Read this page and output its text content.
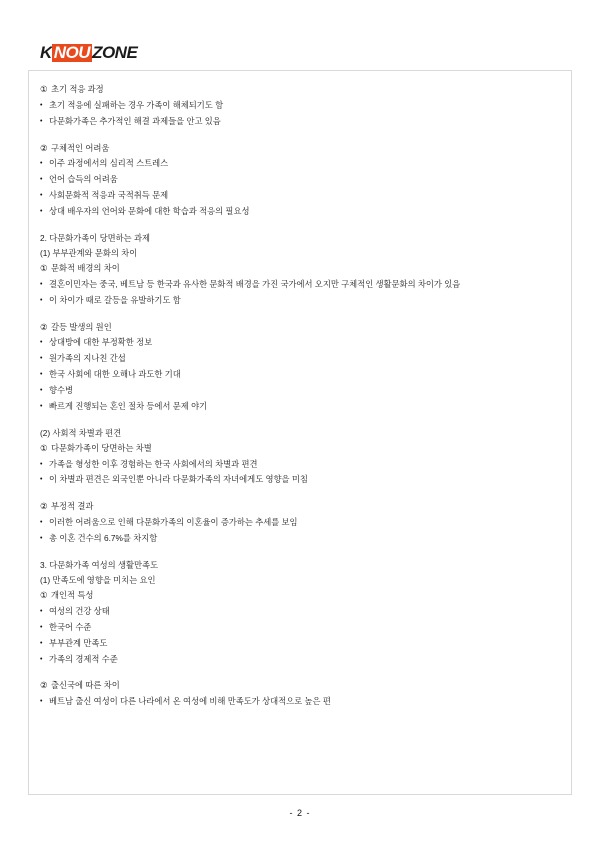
K NOU ZONE
① 초기 적응 과정
• 초기 적응에 실패하는 경우 가족이 해체되기도 함
• 다문화가족은 추가적인 해결 과제들을 안고 있음
② 구체적인 어려움
• 이주 과정에서의 심리적 스트레스
• 언어 습득의 어려움
• 사회문화적 적응과 국적취득 문제
• 상대 배우자의 언어와 문화에 대한 학습과 적응의 필요성
2. 다문화가족이 당면하는 과제
(1) 부부관계와 문화의 차이
① 문화적 배경의 차이
• 결혼이민자는 중국, 베트남 등 한국과 유사한 문화적 배경을 가진 국가에서 오지만 구체적인 생활문화의 차이가 있음
• 이 차이가 때로 갈등을 유발하기도 함
② 갈등 발생의 원인
• 상대방에 대한 부정확한 정보
• 원가족의 지나친 간섭
• 한국 사회에 대한 오해나 과도한 기대
• 향수병
• 빠르게 진행되는 혼인 절차 등에서 문제 야기
(2) 사회적 차별과 편견
① 다문화가족이 당면하는 차별
• 가족을 형성한 이후 경험하는 한국 사회에서의 차별과 편견
• 이 차별과 편견은 외국인뿐 아니라 다문화가족의 자녀에게도 영향을 미침
② 부정적 결과
• 이러한 어려움으로 인해 다문화가족의 이혼율이 증가하는 추세를 보임
• 총 이혼 건수의 6.7%를 차지함
3. 다문화가족 여성의 생활만족도
(1) 만족도에 영향을 미치는 요인
① 개인적 특성
• 여성의 건강 상태
• 한국어 수준
• 부부관계 만족도
• 가족의 경제적 수준
② 출신국에 따른 차이
• 베트남 출신 여성이 다른 나라에서 온 여성에 비해 만족도가 상대적으로 높은 편
- 2 -
